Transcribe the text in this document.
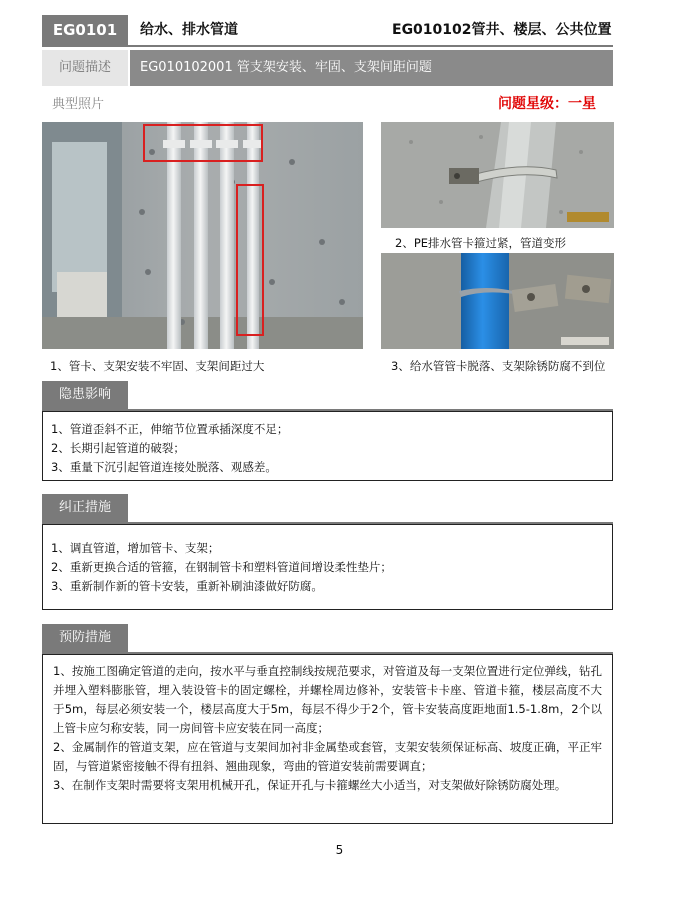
EG0101	给水、排水管道	EG010102管井、楼层、公共位置
问题描述	EG010102001 管支架安装、牢固、支架间距问题
典型照片	问题星级：一星
1、管卡、支架安装不牢固、支架间距过大
2、PE排水管卡箍过紧，管道变形
3、给水管管卡脱落、支架除锈防腐不到位
隐患影响
1、管道歪斜不正，伸缩节位置承插深度不足；
2、长期引起管道的破裂；
3、重量下沉引起管道连接处脱落、观感差。
纠正措施
1、调直管道，增加管卡、支架；
2、重新更换合适的管箍，在钢制管卡和塑料管道间增设柔性垫片；
3、重新制作新的管卡安装，重新补刷油漆做好防腐。
预防措施
1、按施工图确定管道的走向，按水平与垂直控制线按规范要求，对管道及每一支架位置进行定位弹线，钻孔并埋入塑料膨胀管，埋入装设管卡的固定螺栓，并螺栓周边修补，安装管卡卡座、管道卡箍，楼层高度不大于5m，每层必须安装一个，楼层高度大于5m，每层不得少于2个，管卡安装高度距地面1.5-1.8m，2个以上管卡应匀称安装，同一房间管卡应安装在同一高度；
2、金属制作的管道支架，应在管道与支架间加衬非金属垫或套管，支架安装须保证标高、坡度正确，平正牢固，与管道紧密接触不得有扭斜、翘曲现象，弯曲的管道安装前需要调直；
3、在制作支架时需要将支架用机械开孔，保证开孔与卡箍螺丝大小适当，对支架做好除锈防腐处理。
5
